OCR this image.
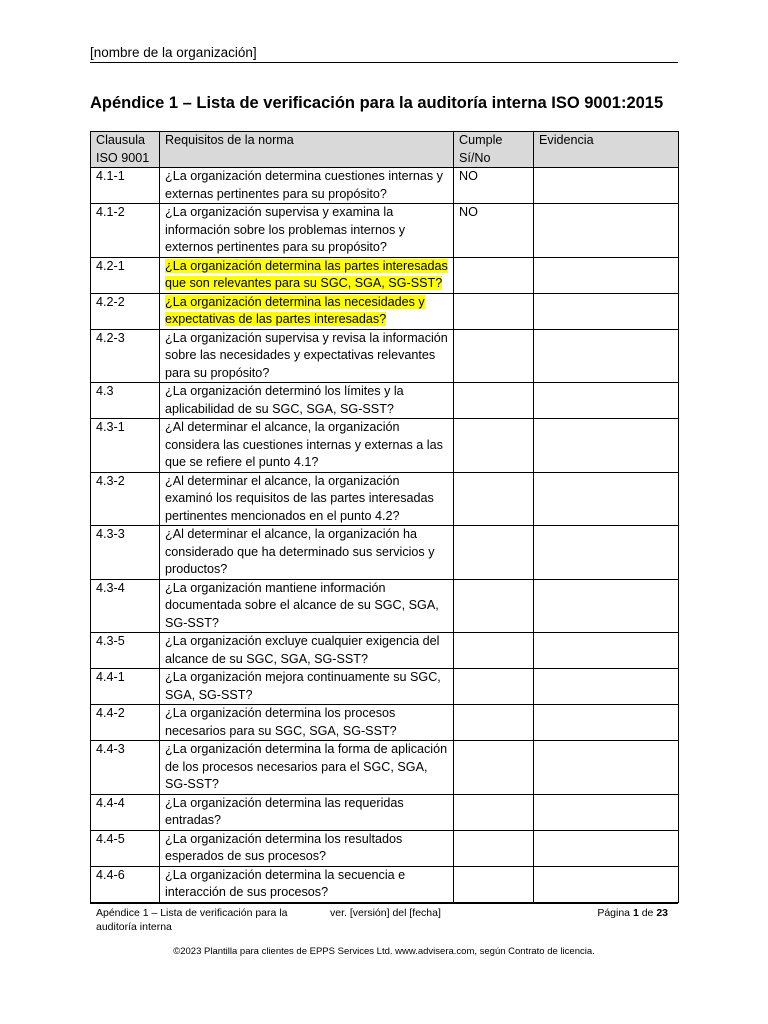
[nombre de la organización]
Apéndice 1 – Lista de verificación para la auditoría interna ISO 9001:2015
Clausula ISO 9001	Requisitos de la norma	Cumple Sí/No	Evidencia
4.1-1	¿La organización determina cuestiones internas y externas pertinentes para su propósito?	NO	
4.1-2	¿La organización supervisa y examina la información sobre los problemas internos y externos pertinentes para su propósito?	NO	
4.2-1	¿La organización determina las partes interesadas que son relevantes para su SGC, SGA, SG-SST?		
4.2-2	¿La organización determina las necesidades y expectativas de las partes interesadas?		
4.2-3	¿La organización supervisa y revisa la información sobre las necesidades y expectativas relevantes para su propósito?		
4.3	¿La organización determinó los límites y la aplicabilidad de su SGC, SGA, SG-SST?		
4.3-1	¿Al determinar el alcance, la organización considera las cuestiones internas y externas a las que se refiere el punto 4.1?		
4.3-2	¿Al determinar el alcance, la organización examinó los requisitos de las partes interesadas pertinentes mencionados en el punto 4.2?		
4.3-3	¿Al determinar el alcance, la organización ha considerado que ha determinado sus servicios y productos?		
4.3-4	¿La organización mantiene información documentada sobre el alcance de su SGC, SGA, SG-SST?		
4.3-5	¿La organización excluye cualquier exigencia del alcance de su SGC, SGA, SG-SST?		
4.4-1	¿La organización mejora continuamente su SGC, SGA, SG-SST?		
4.4-2	¿La organización determina los procesos necesarios para su SGC, SGA, SG-SST?		
4.4-3	¿La organización determina la forma de aplicación de los procesos necesarios para el SGC, SGA, SG-SST?		
4.4-4	¿La organización determina las requeridas entradas?		
4.4-5	¿La organización determina los resultados esperados de sus procesos?		
4.4-6	¿La organización determina la secuencia e interacción de sus procesos?		
Apéndice 1 – Lista de verificación para la auditoría interna
ver. [versión] del [fecha]	Página 1 de 23
©2023 Plantilla para clientes de EPPS Services Ltd. www.advisera.com, según Contrato de licencia.
